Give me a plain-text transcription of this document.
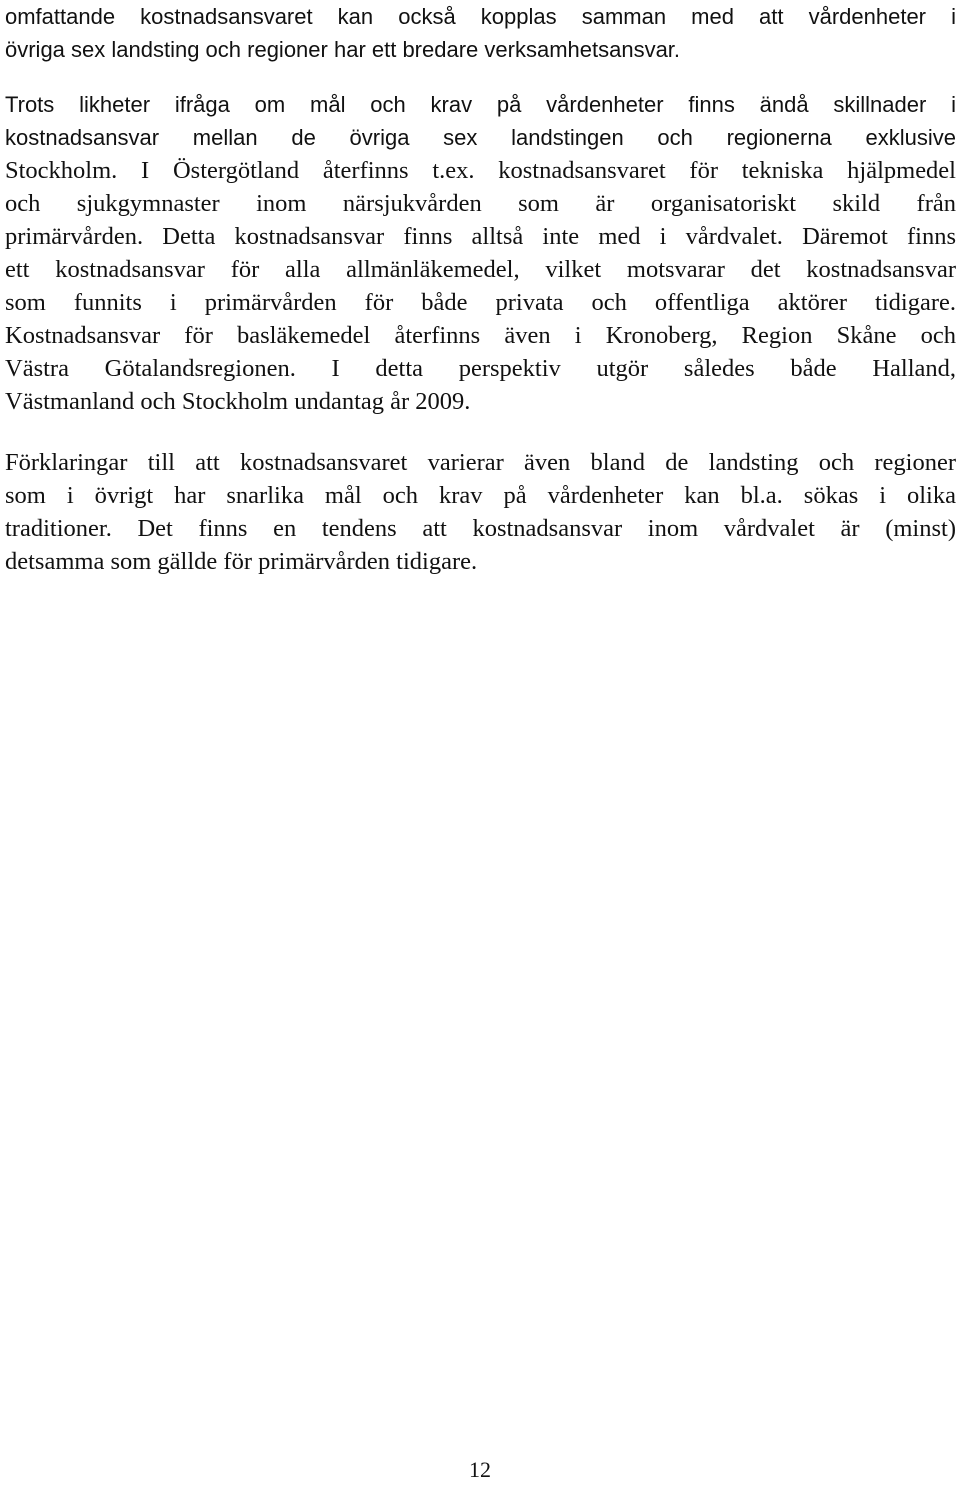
omfattande kostnadsansvaret kan också kopplas samman med att vårdenheter i
övriga sex landsting och regioner har ett bredare verksamhetsansvar.

Trots likheter ifråga om mål och krav på vårdenheter finns ändå skillnader i
kostnadsansvar mellan de övriga sex landstingen och regionerna exklusive
Stockholm. I Östergötland återfinns t.ex. kostnadsansvaret för tekniska hjälpmedel
och sjukgymnaster inom närsjukvården som är organisatoriskt skild från
primärvården. Detta kostnadsansvar finns alltså inte med i vårdvalet. Däremot finns
ett kostnadsansvar för alla allmänläkemedel, vilket motsvarar det kostnadsansvar
som funnits i primärvården för både privata och offentliga aktörer tidigare.
Kostnadsansvar för basläkemedel återfinns även i Kronoberg, Region Skåne och
Västra Götalandsregionen. I detta perspektiv utgör således både Halland,
Västmanland och Stockholm undantag år 2009.

Förklaringar till att kostnadsansvaret varierar även bland de landsting och regioner
som i övrigt har snarlika mål och krav på vårdenheter kan bl.a. sökas i olika
traditioner. Det finns en tendens att kostnadsansvar inom vårdvalet är (minst)
detsamma som gällde för primärvården tidigare.

12
